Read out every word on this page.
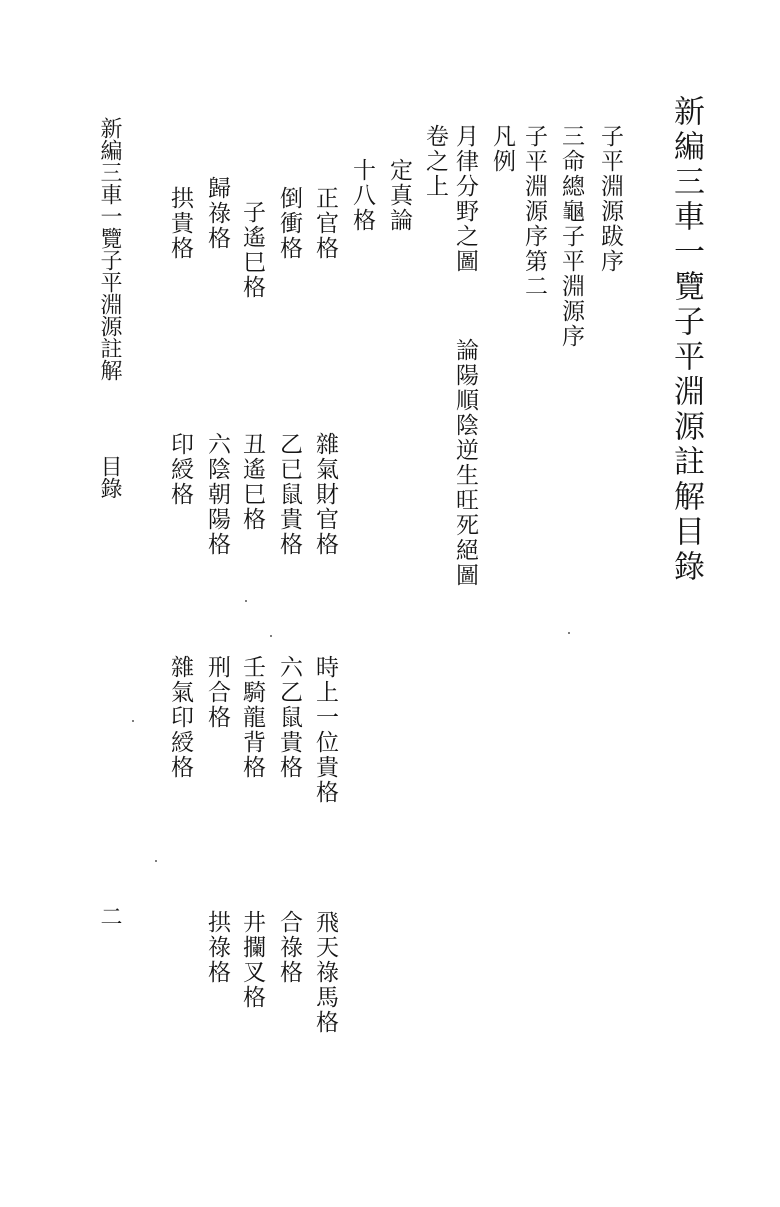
新編三車一覽子平淵源註解目錄
子平淵源跋序
三命總龜子平淵源序
子平淵源序第二
凡例
月律分野之圖
論陽順陰逆生旺死絕圖
卷之上
定真論
十八格
正官格
雜氣財官格
時上一位貴格
飛天祿馬格
倒衝格
乙已鼠貴格
六乙鼠貴格
合祿格
子遙巳格
丑遙巳格
壬騎龍背格
井攔叉格
歸祿格
六陰朝陽格
刑合格
拱祿格
拱貴格
印綬格
雜氣印綬格
新編三車一覽子平淵源註解
目錄
二
